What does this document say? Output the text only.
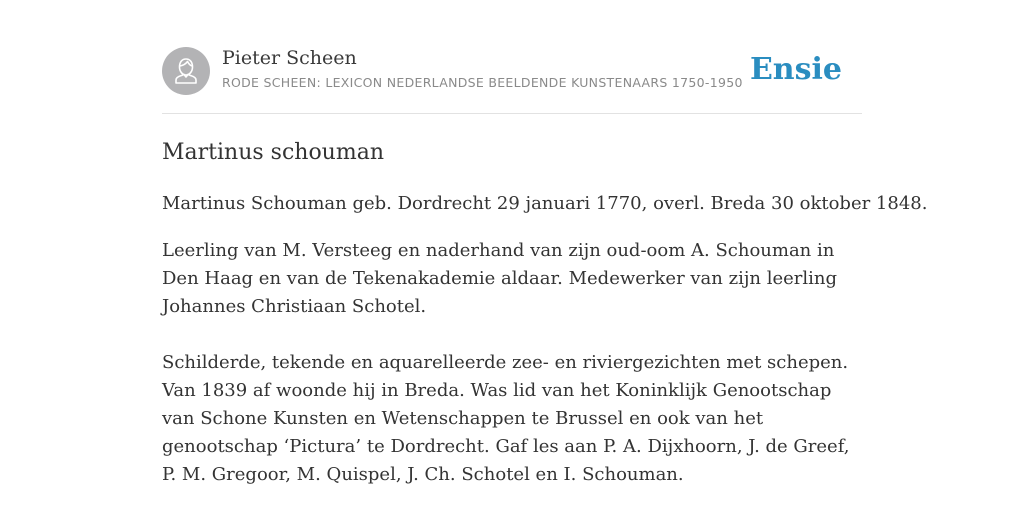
Pieter Scheen
RODE SCHEEN: LEXICON NEDERLANDSE BEELDENDE KUNSTENAARS 1750-1950 Ensie
Martinus schouman

Martinus Schouman geb. Dordrecht 29 januari 1770, overl. Breda 30 oktober 1848.

Leerling van M. Versteeg en naderhand van zijn oud-oom A. Schouman in Den Haag en van de Tekenakademie aldaar. Medewerker van zijn leerling Johannes Christiaan Schotel.

Schilderde, tekende en aquarelleerde zee- en riviergezichten met schepen. Van 1839 af woonde hij in Breda. Was lid van het Koninklijk Genootschap van Schone Kunsten en Wetenschappen te Brussel en ook van het genootschap ‘Pictura’ te Dordrecht. Gaf les aan P. A. Dijxhoorn, J. de Greef, P. M. Gregoor, M. Quispel, J. Ch. Schotel en I. Schouman.
